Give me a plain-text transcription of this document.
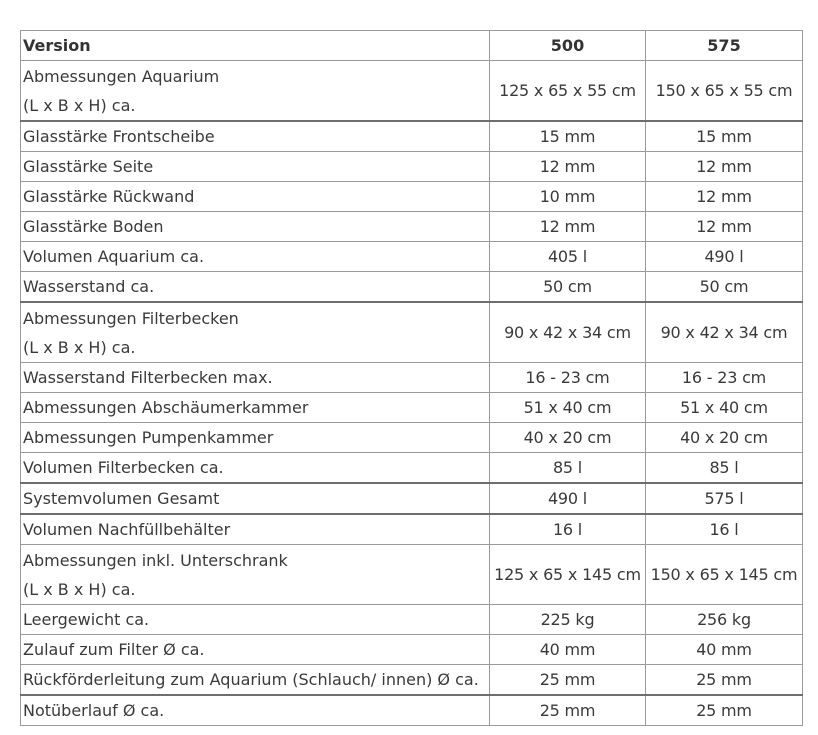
Version	500	575

Abmessungen Aquarium
(L x B x H) ca.	125 x 65 x 55 cm	150 x 65 x 55 cm
Glasstärke Frontscheibe	15 mm	15 mm
Glasstärke Seite	12 mm	12 mm
Glasstärke Rückwand	10 mm	12 mm
Glasstärke Boden	12 mm	12 mm
Volumen Aquarium ca.	405 l	490 l
Wasserstand ca.	50 cm	50 cm

Abmessungen Filterbecken
(L x B x H) ca.	90 x 42 x 34 cm	90 x 42 x 34 cm
Wasserstand Filterbecken max.	16 - 23 cm	16 - 23 cm
Abmessungen Abschäumerkammer	51 x 40 cm	51 x 40 cm
Abmessungen Pumpenkammer	40 x 20 cm	40 x 20 cm
Volumen Filterbecken ca.	85 l	85 l
Systemvolumen Gesamt	490 l	575 l
Volumen Nachfüllbehälter	16 l	16 l

Abmessungen inkl. Unterschrank
(L x B x H) ca.	125 x 65 x 145 cm	150 x 65 x 145 cm
Leergewicht ca.	225 kg	256 kg
Zulauf zum Filter Ø ca.	40 mm	40 mm
Rückförderleitung zum Aquarium (Schlauch/ innen) Ø ca.	25 mm	25 mm
Notüberlauf Ø ca.	25 mm	25 mm
